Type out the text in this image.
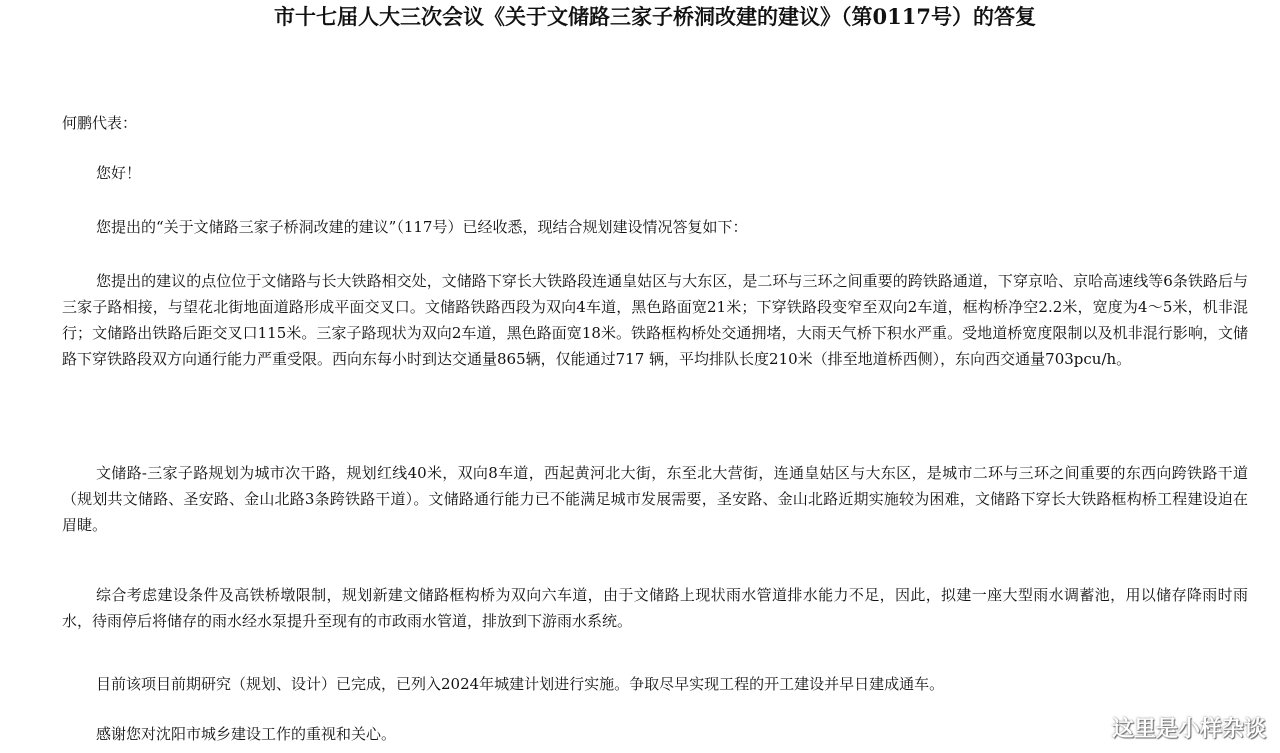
市十七届人大三次会议《关于文储路三家子桥洞改建的建议》（第0117号）的答复
何鹏代表：
您好！

您提出的“关于文储路三家子桥洞改建的建议”（117号）已经收悉，现结合规划建设情况答复如下：

您提出的建议的点位位于文储路与长大铁路相交处，文储路下穿长大铁路段连通皇姑区与大东区，是二环与三环之间重要的跨铁路通道，下穿京哈、京哈高速线等6条铁路后与三家子路相接，与望花北街地面道路形成平面交叉口。文储路铁路西段为双向4车道，黑色路面宽21米；下穿铁路段变窄至双向2车道，框构桥净空2.2米，宽度为4～5米，机非混行；文储路出铁路后距交叉口115米。三家子路现状为双向2车道，黑色路面宽18米。铁路框构桥处交通拥堵，大雨天气桥下积水严重。受地道桥宽度限制以及机非混行影响，文储路下穿铁路段双方向通行能力严重受限。西向东每小时到达交通量865辆，仅能通过717 辆，平均排队长度210米（排至地道桥西侧），东向西交通量703pcu/h。

文储路-三家子路规划为城市次干路，规划红线40米，双向8车道，西起黄河北大街，东至北大营街，连通皇姑区与大东区，是城市二环与三环之间重要的东西向跨铁路干道（规划共文储路、圣安路、金山北路3条跨铁路干道）。文储路通行能力已不能满足城市发展需要，圣安路、金山北路近期实施较为困难，文储路下穿长大铁路框构桥工程建设迫在眉睫。

综合考虑建设条件及高铁桥墩限制，规划新建文储路框构桥为双向六车道，由于文储路上现状雨水管道排水能力不足，因此，拟建一座大型雨水调蓄池，用以储存降雨时雨水，待雨停后将储存的雨水经水泵提升至现有的市政雨水管道，排放到下游雨水系统。

目前该项目前期研究（规划、设计）已完成，已列入2024年城建计划进行实施。争取尽早实现工程的开工建设并早日建成通车。

感谢您对沈阳市城乡建设工作的重视和关心。	这里是小样杂谈
